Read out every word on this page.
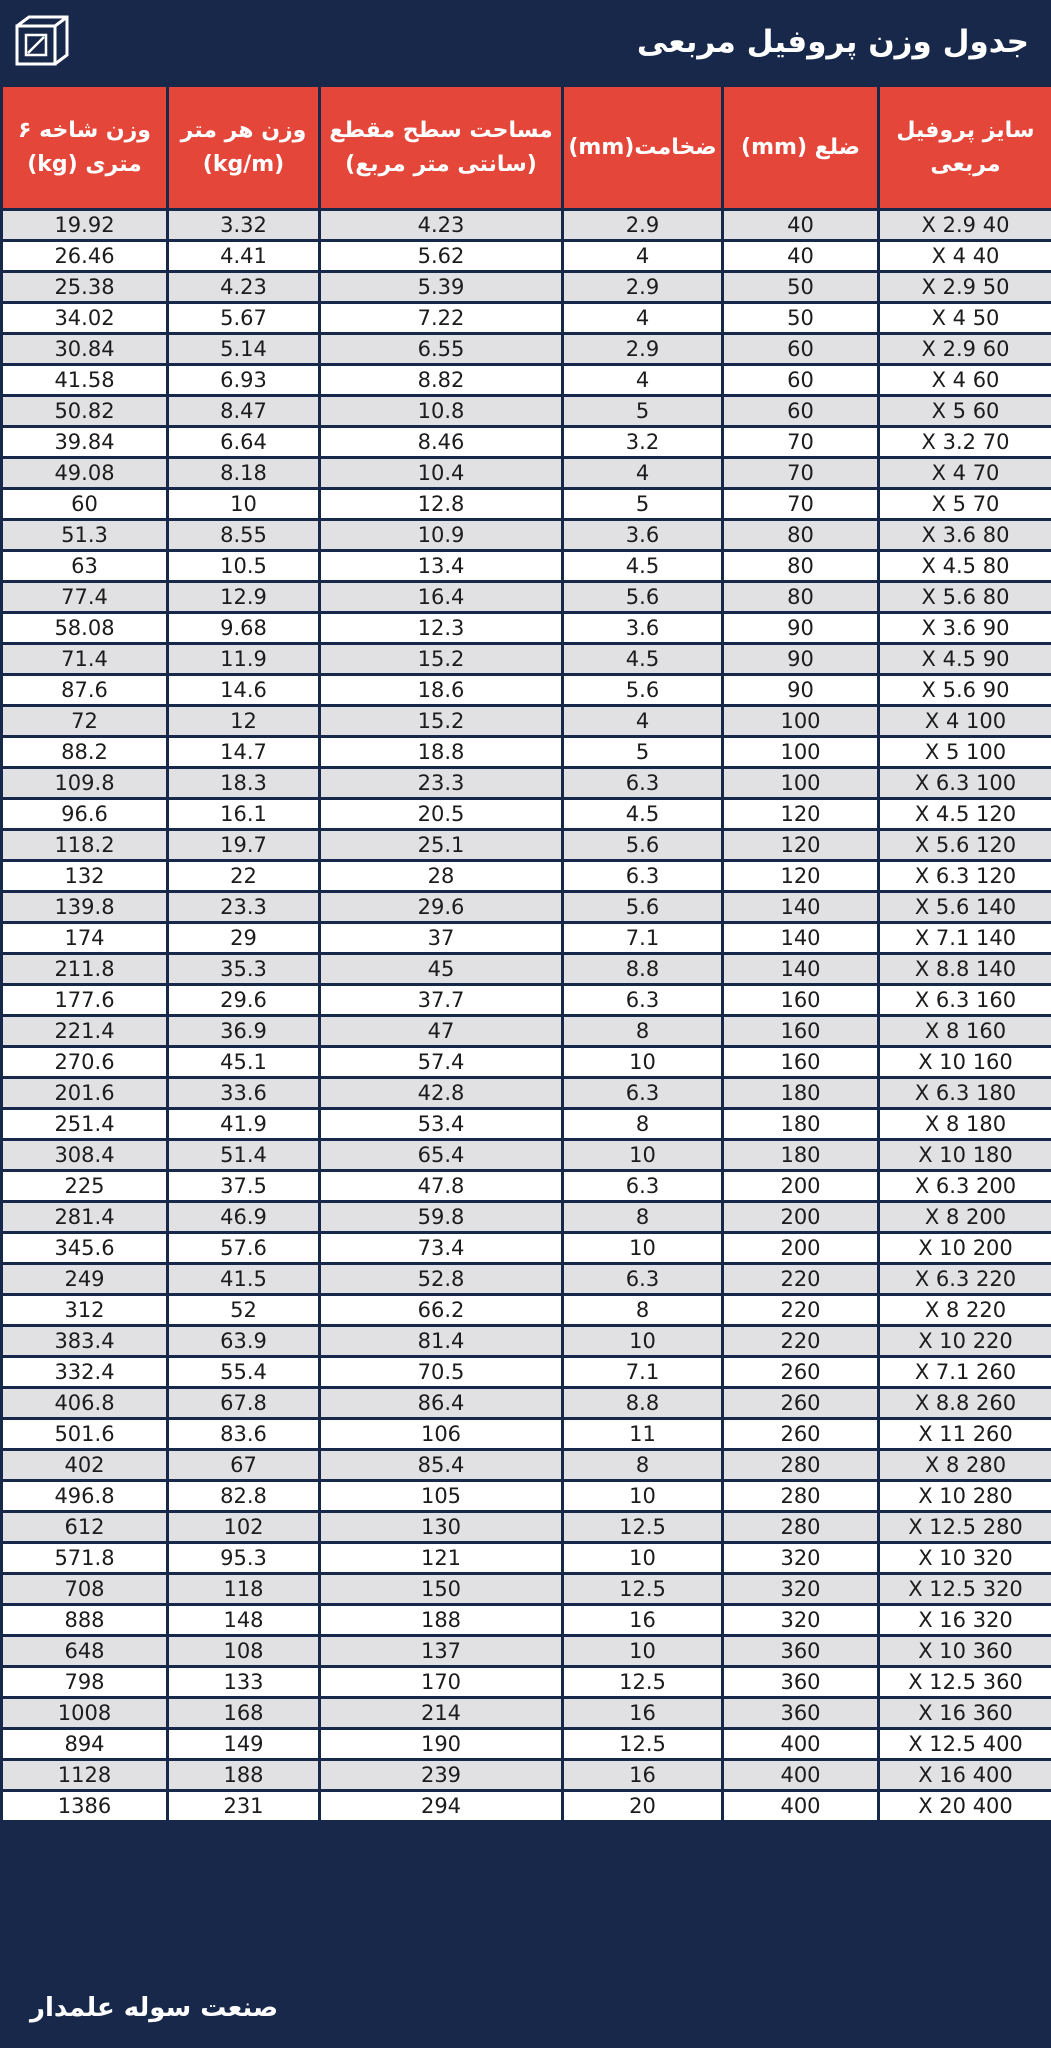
جدول وزن پروفیل مربعی
سایز پروفیل مربعی	ضلع (mm)	ضخامت(mm)	مساحت سطح مقطع (سانتی متر مربع)	وزن هر متر (kg/m)	وزن شاخه ۶ متری (kg)
40 X 2.9	40	2.9	4.23	3.32	19.92
40 X 4	40	4	5.62	4.41	26.46
50 X 2.9	50	2.9	5.39	4.23	25.38
50 X 4	50	4	7.22	5.67	34.02
60 X 2.9	60	2.9	6.55	5.14	30.84
60 X 4	60	4	8.82	6.93	41.58
60 X 5	60	5	10.8	8.47	50.82
70 X 3.2	70	3.2	8.46	6.64	39.84
70 X 4	70	4	10.4	8.18	49.08
70 X 5	70	5	12.8	10	60
80 X 3.6	80	3.6	10.9	8.55	51.3
80 X 4.5	80	4.5	13.4	10.5	63
80 X 5.6	80	5.6	16.4	12.9	77.4
90 X 3.6	90	3.6	12.3	9.68	58.08
90 X 4.5	90	4.5	15.2	11.9	71.4
90 X 5.6	90	5.6	18.6	14.6	87.6
100 X 4	100	4	15.2	12	72
100 X 5	100	5	18.8	14.7	88.2
100 X 6.3	100	6.3	23.3	18.3	109.8
120 X 4.5	120	4.5	20.5	16.1	96.6
120 X 5.6	120	5.6	25.1	19.7	118.2
120 X 6.3	120	6.3	28	22	132
140 X 5.6	140	5.6	29.6	23.3	139.8
140 X 7.1	140	7.1	37	29	174
140 X 8.8	140	8.8	45	35.3	211.8
160 X 6.3	160	6.3	37.7	29.6	177.6
160 X 8	160	8	47	36.9	221.4
160 X 10	160	10	57.4	45.1	270.6
180 X 6.3	180	6.3	42.8	33.6	201.6
180 X 8	180	8	53.4	41.9	251.4
180 X 10	180	10	65.4	51.4	308.4
200 X 6.3	200	6.3	47.8	37.5	225
200 X 8	200	8	59.8	46.9	281.4
200 X 10	200	10	73.4	57.6	345.6
220 X 6.3	220	6.3	52.8	41.5	249
220 X 8	220	8	66.2	52	312
220 X 10	220	10	81.4	63.9	383.4
260 X 7.1	260	7.1	70.5	55.4	332.4
260 X 8.8	260	8.8	86.4	67.8	406.8
260 X 11	260	11	106	83.6	501.6
280 X 8	280	8	85.4	67	402
280 X 10	280	10	105	82.8	496.8
280 X 12.5	280	12.5	130	102	612
320 X 10	320	10	121	95.3	571.8
320 X 12.5	320	12.5	150	118	708
320 X 16	320	16	188	148	888
360 X 10	360	10	137	108	648
360 X 12.5	360	12.5	170	133	798
360 X 16	360	16	214	168	1008
400 X 12.5	400	12.5	190	149	894
400 X 16	400	16	239	188	1128
400 X 20	400	20	294	231	1386
صنعت سوله علمدار
